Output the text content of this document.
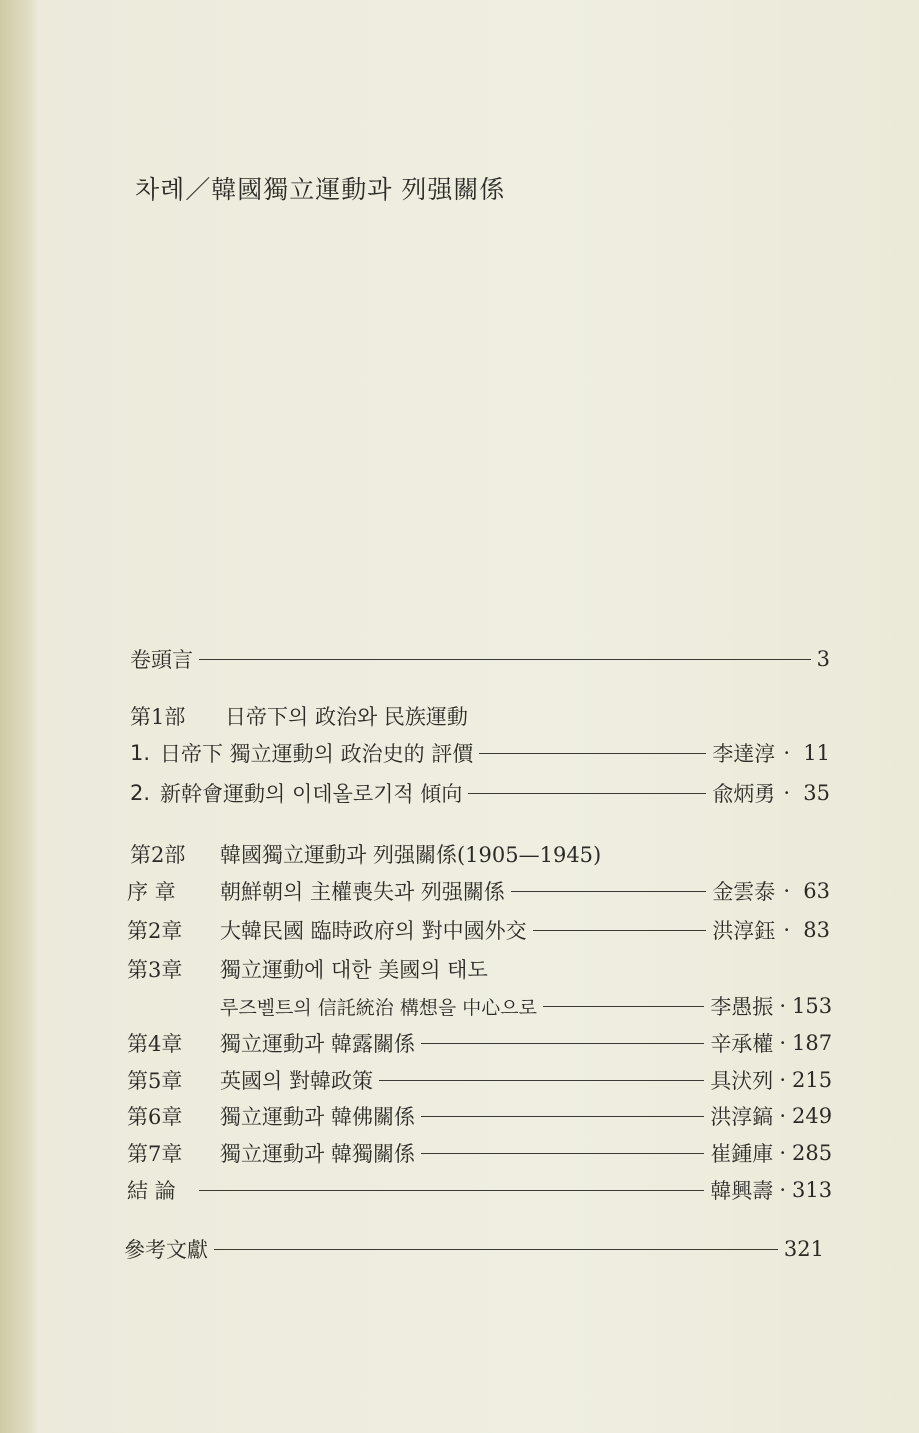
차례／韓國獨立運動과 列强關係
卷頭言	3
第1部	日帝下의 政治와 民族運動
1. 日帝下 獨立運動의 政治史的 評價	李達淳 · 11
2. 新幹會運動의 이데올로기적 傾向	兪炳勇 · 35
第2部	韓國獨立運動과 列强關係(1905—1945)
序 章	朝鮮朝의 主權喪失과 列强關係	金雲泰 · 63
第2章	大韓民國 臨時政府의 對中國外交	洪淳鈺 · 83
第3章	獨立運動에 대한 美國의 태도
루즈벨트의 信託統治 構想을 中心으로	李愚振 · 153
第4章	獨立運動과 韓露關係	辛承權 · 187
第5章	英國의 對韓政策	具汱列 · 215
第6章	獨立運動과 韓佛關係	洪淳鎬 · 249
第7章	獨立運動과 韓獨關係	崔鍾庫 · 285
結 論	韓興壽 · 313
參考文獻	321
